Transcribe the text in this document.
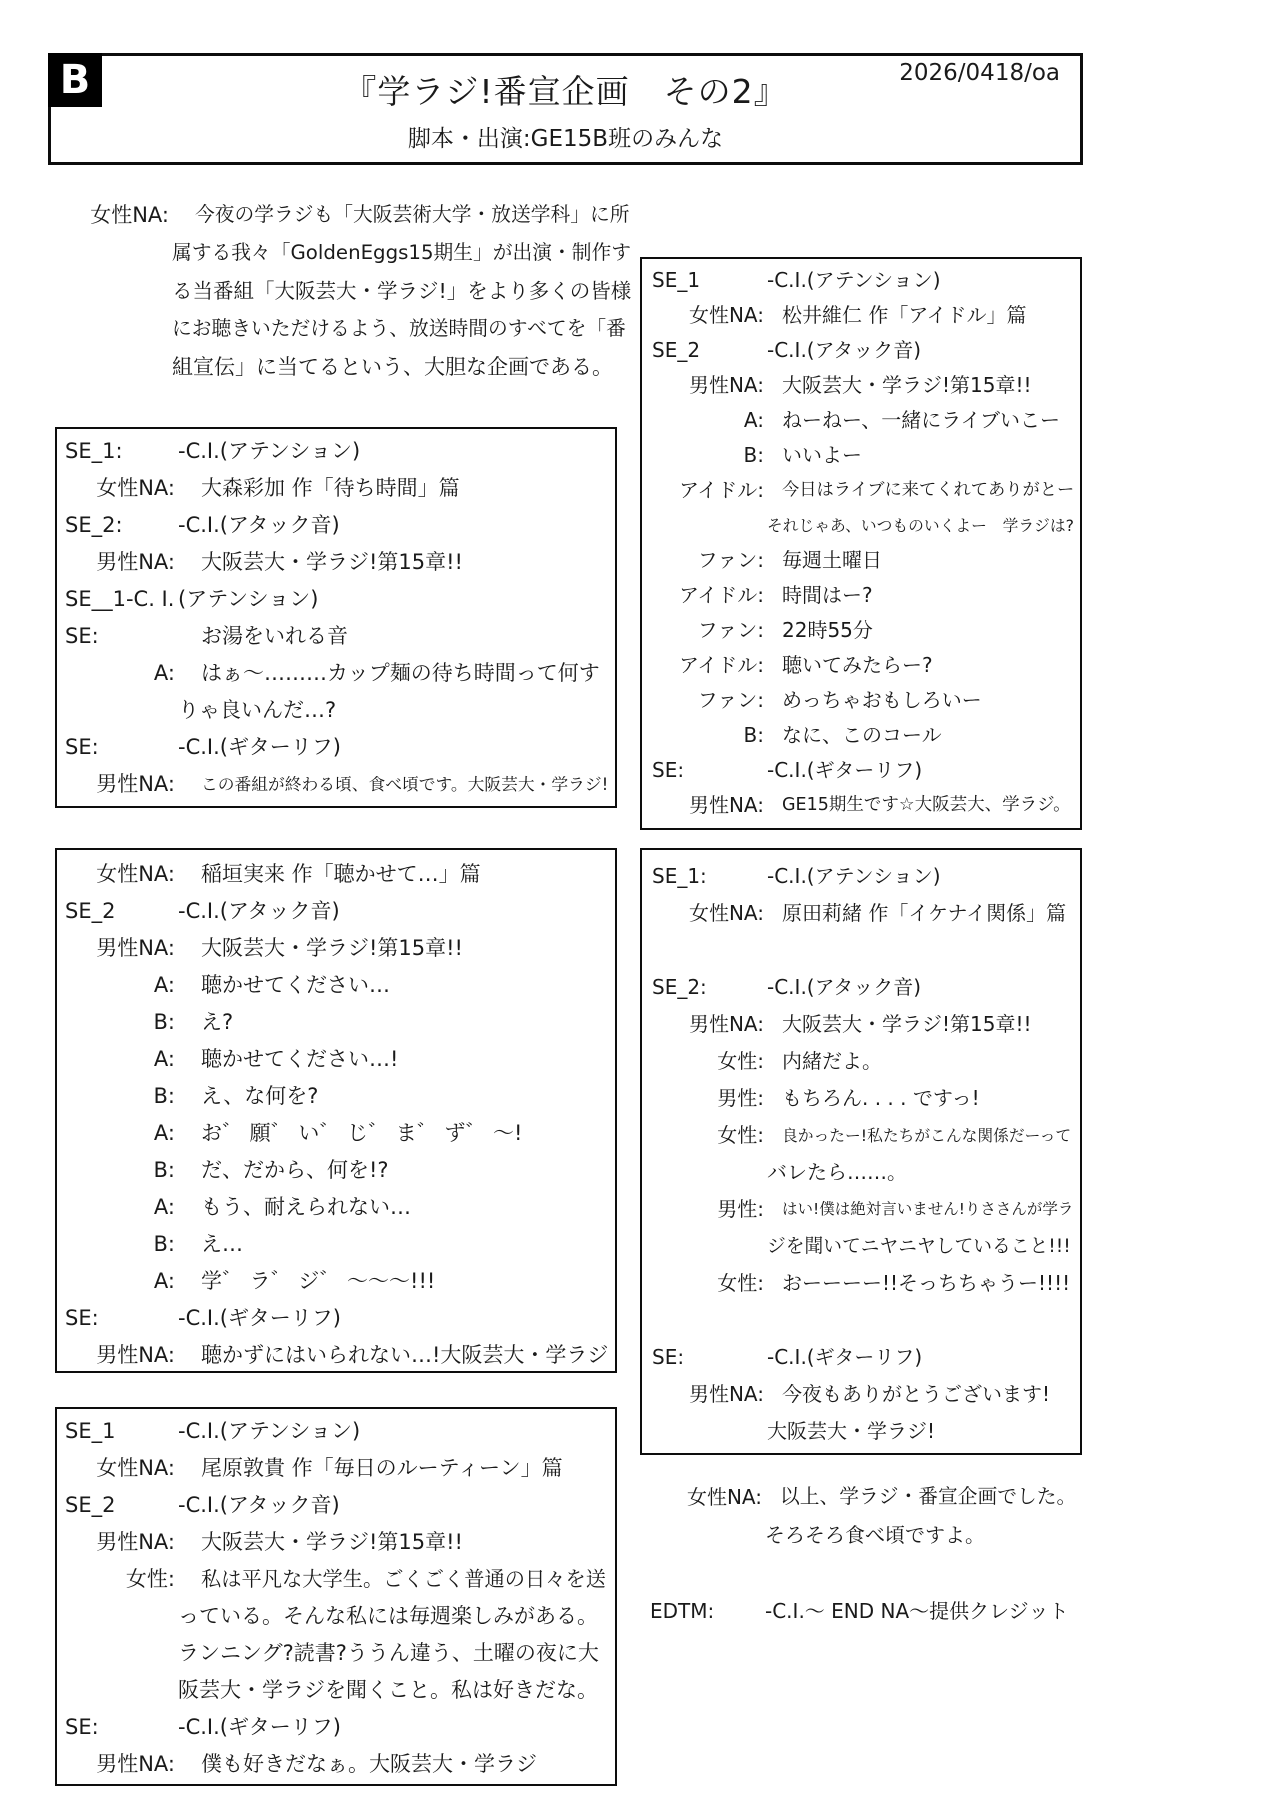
B	『学ラジ!番宣企画　その2』
脚本・出演:GE15B班のみんな
2026/0418/oa
女性NA:	今夜の学ラジも「大阪芸術大学・放送学科」に所
属する我々「GoldenEggs15期生」が出演・制作す
る当番組「大阪芸大・学ラジ!」をより多くの皆様
にお聴きいただけるよう、放送時間のすべてを「番
組宣伝」に当てるという、大胆な企画である。
SE_1:	-C.I.(アテンション)
女性NA:	大森彩加 作「待ち時間」篇
SE_2:	-C.I.(アタック音)
男性NA:	大阪芸大・学ラジ!第15章!!
SE__1-C. I. (アテンション)
SE:	お湯をいれる音
A:	はぁ〜………カップ麺の待ち時間って何す
りゃ良いんだ…?
SE:	-C.I.(ギターリフ)
男性NA:	この番組が終わる頃、食べ頃です。大阪芸大・学ラジ!
女性NA:	稲垣実来 作「聴かせて…」篇
SE_2	-C.I.(アタック音)
男性NA:	大阪芸大・学ラジ!第15章!!
A:	聴かせてください…
B:	え?
A:	聴かせてください…!
B:	え、な何を?
A:	お゛ 願゛ い゛ じ゛ ま゛ ず゛ 〜!
B:	だ、だから、何を!?
A:	もう、耐えられない…
B:	え…
A:	学゛ ラ゛ ジ゛ 〜〜〜!!!
SE:	-C.I.(ギターリフ)
男性NA:	聴かずにはいられない…!大阪芸大・学ラジ
SE_1	-C.I.(アテンション)
女性NA:	尾原敦貴 作「毎日のルーティーン」篇
SE_2	-C.I.(アタック音)
男性NA:	大阪芸大・学ラジ!第15章!!
女性:	私は平凡な大学生。ごくごく普通の日々を送
っている。そんな私には毎週楽しみがある。
ランニング?読書?ううん違う、土曜の夜に大
阪芸大・学ラジを聞くこと。私は好きだな。
SE:	-C.I.(ギターリフ)
男性NA:	僕も好きだなぁ。大阪芸大・学ラジ
SE_1	-C.I.(アテンション)
女性NA: 松井維仁 作「アイドル」篇
SE_2	-C.I.(アタック音)
男性NA: 大阪芸大・学ラジ!第15章!!
A: ねーねー、一緒にライブいこー
B: いいよー
アイドル:	今日はライブに来てくれてありがとー
それじゃあ、いつものいくよー　学ラジは?
ファン: 毎週土曜日
アイドル: 時間はー?
ファン: 22時55分
アイドル: 聴いてみたらー?
ファン: めっちゃおもしろいー
B: なに、このコール
SE:	-C.I.(ギターリフ)
男性NA:	GE15期生です☆大阪芸大、学ラジ。
SE_1:	-C.I.(アテンション)
女性NA: 原田莉緒 作「イケナイ関係」篇
SE_2:	-C.I.(アタック音)
男性NA: 大阪芸大・学ラジ!第15章!!
女性: 内緒だよ。
男性: もちろん. . . . ですっ!
女性:	良かったー!私たちがこんな関係だーって
バレたら……。
男性:	はい!僕は絶対言いません!りささんが学ラ
ジを聞いてニヤニヤしていること!!!
女性: おーーーー!!そっちちゃうー!!!!
SE:	-C.I.(ギターリフ)
男性NA: 今夜もありがとうございます!
大阪芸大・学ラジ!
女性NA: 以上、学ラジ・番宣企画でした。
そろそろ食べ頃ですよ。
EDTM:	-C.I.〜 END NA〜提供クレジット
